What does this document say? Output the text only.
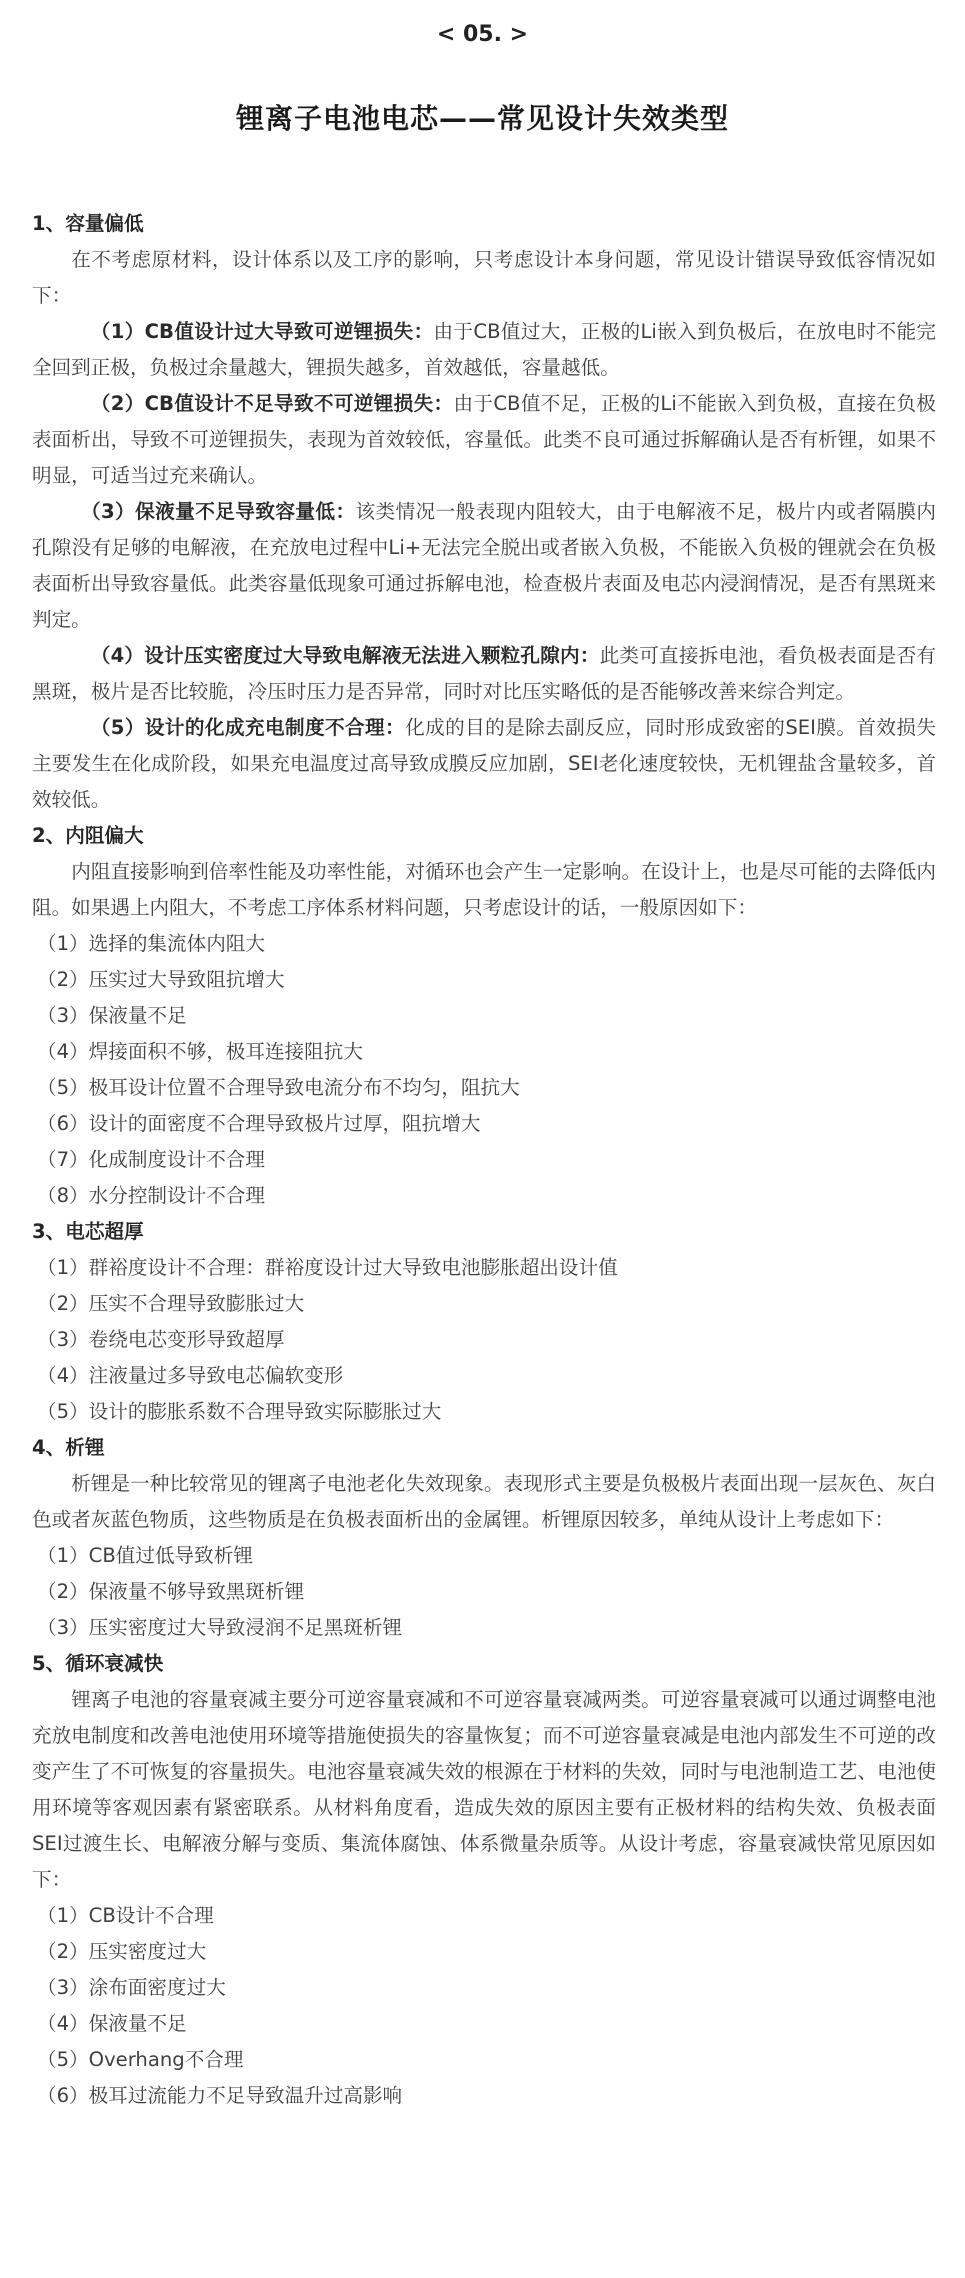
< 05. >
锂离子电池电芯——常见设计失效类型

1、容量偏低

在不考虑原材料，设计体系以及工序的影响，只考虑设计本身问题，常见设计错误导致低容情况如下：

（1）CB值设计过大导致可逆锂损失：由于CB值过大，正极的Li嵌入到负极后，在放电时不能完全回到正极，负极过余量越大，锂损失越多，首效越低，容量越低。

（2）CB值设计不足导致不可逆锂损失：由于CB值不足，正极的Li不能嵌入到负极，直接在负极表面析出，导致不可逆锂损失，表现为首效较低，容量低。此类不良可通过拆解确认是否有析锂，如果不明显，可适当过充来确认。

（3）保液量不足导致容量低：该类情况一般表现内阻较大，由于电解液不足，极片内或者隔膜内孔隙没有足够的电解液，在充放电过程中Li+无法完全脱出或者嵌入负极，不能嵌入负极的锂就会在负极表面析出导致容量低。此类容量低现象可通过拆解电池，检查极片表面及电芯内浸润情况，是否有黑斑来判定。

（4）设计压实密度过大导致电解液无法进入颗粒孔隙内：此类可直接拆电池，看负极表面是否有黑斑，极片是否比较脆，冷压时压力是否异常，同时对比压实略低的是否能够改善来综合判定。

（5）设计的化成充电制度不合理：化成的目的是除去副反应，同时形成致密的SEI膜。首效损失主要发生在化成阶段，如果充电温度过高导致成膜反应加剧，SEI老化速度较快，无机锂盐含量较多，首效较低。

2、内阻偏大

内阻直接影响到倍率性能及功率性能，对循环也会产生一定影响。在设计上，也是尽可能的去降低内阻。如果遇上内阻大，不考虑工序体系材料问题，只考虑设计的话，一般原因如下：

（1）选择的集流体内阻大

（2）压实过大导致阻抗增大

（3）保液量不足

（4）焊接面积不够，极耳连接阻抗大

（5）极耳设计位置不合理导致电流分布不均匀，阻抗大

（6）设计的面密度不合理导致极片过厚，阻抗增大

（7）化成制度设计不合理

（8）水分控制设计不合理

3、电芯超厚

（1）群裕度设计不合理：群裕度设计过大导致电池膨胀超出设计值

（2）压实不合理导致膨胀过大

（3）卷绕电芯变形导致超厚

（4）注液量过多导致电芯偏软变形

（5）设计的膨胀系数不合理导致实际膨胀过大

4、析锂

析锂是一种比较常见的锂离子电池老化失效现象。表现形式主要是负极极片表面出现一层灰色、灰白色或者灰蓝色物质，这些物质是在负极表面析出的金属锂。析锂原因较多，单纯从设计上考虑如下：

（1）CB值过低导致析锂

（2）保液量不够导致黑斑析锂

（3）压实密度过大导致浸润不足黑斑析锂

5、循环衰减快

锂离子电池的容量衰减主要分可逆容量衰减和不可逆容量衰减两类。可逆容量衰减可以通过调整电池充放电制度和改善电池使用环境等措施使损失的容量恢复；而不可逆容量衰减是电池内部发生不可逆的改变产生了不可恢复的容量损失。电池容量衰减失效的根源在于材料的失效，同时与电池制造工艺、电池使用环境等客观因素有紧密联系。从材料角度看，造成失效的原因主要有正极材料的结构失效、负极表面SEI过渡生长、电解液分解与变质、集流体腐蚀、体系微量杂质等。从设计考虑，容量衰减快常见原因如下：

（1）CB设计不合理

（2）压实密度过大

（3）涂布面密度过大

（4）保液量不足

（5）Overhang不合理

（6）极耳过流能力不足导致温升过高影响
